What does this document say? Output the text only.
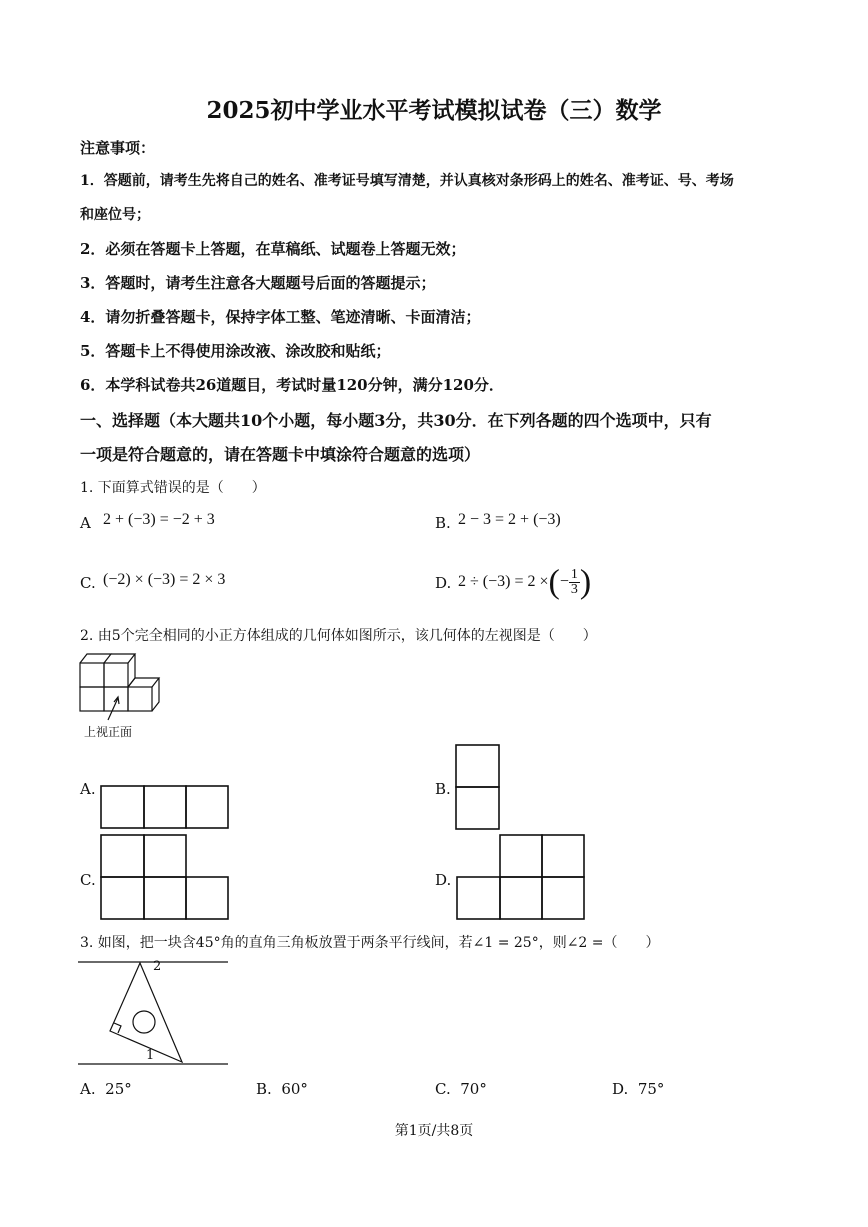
2025初中学业水平考试模拟试卷（三）数学
注意事项：
1．答题前，请考生先将自己的姓名、准考证号填写清楚，并认真核对条形码上的姓名、准考证、号、考场
和座位号；
2．必须在答题卡上答题，在草稿纸、试题卷上答题无效；
3．答题时，请考生注意各大题题号后面的答题提示；
4．请勿折叠答题卡，保持字体工整、笔迹清晰、卡面清洁；
5．答题卡上不得使用涂改液、涂改胶和贴纸；
6．本学科试卷共26道题目，考试时量120分钟，满分120分．
一、选择题（本大题共10个小题，每小题3分，共30分．在下列各题的四个选项中，只有
一项是符合题意的，请在答题卡中填涂符合题意的选项）
1. 下面算式错误的是（　　）
A 2 + (−3) = −2 + 3	B. 2 − 3 = 2 + (−3)
C. (−2) × (−3) = 2 × 3	D. 2 ÷ (−3) = 2 ×(− $\frac{1}{3}$ )
2. 由5个完全相同的小正方体组成的几何体如图所示，该几何体的左视图是（　　）
上视正面
A.	B.
C.	D.
3. 如图，把一块含45°角的直角三角板放置于两条平行线间，若∠1 = 25°，则∠2 =（　　）
2
1
A. 25°	B. 60°	C. 70°	D. 75°
第1页/共8页
